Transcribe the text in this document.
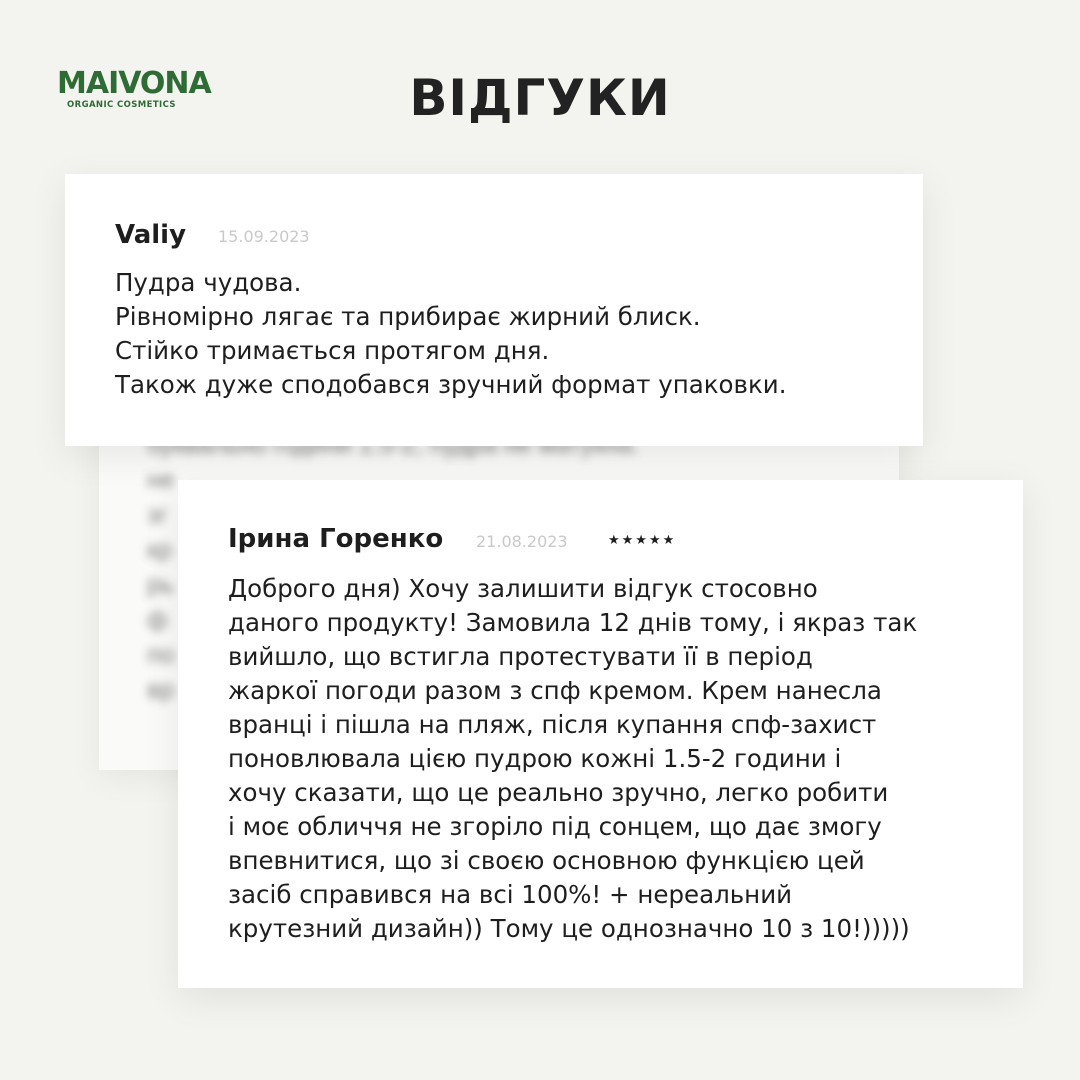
MAIVONA
ORGANIC COSMETICS	ВІДГУКИ

не
зг
кр
рь
ф
по
вр
Valiy 15.09.2023

Пудра чудова.
Рівномірно лягає та прибирає жирний блиск.
Стійко тримається протягом дня.
Також дуже сподобався зручний формат упаковки.

Ірина Горенко 21.08.2023	★★★★★

Доброго дня) Хочу залишити відгук стосовно
даного продукту! Замовила 12 днів тому, і якраз так
вийшло, що встигла протестувати її в період
жаркої погоди разом з спф кремом. Крем нанесла
вранці і пішла на пляж, після купання спф-захист
поновлювала цією пудрою кожні 1.5-2 години і
хочу сказати, що це реально зручно, легко робити
і моє обличчя не згоріло під сонцем, що дає змогу
впевнитися, що зі своєю основною функцією цей
засіб справився на всі 100%! + нереальний
крутезний дизайн)) Тому це однозначно 10 з 10!)))))
